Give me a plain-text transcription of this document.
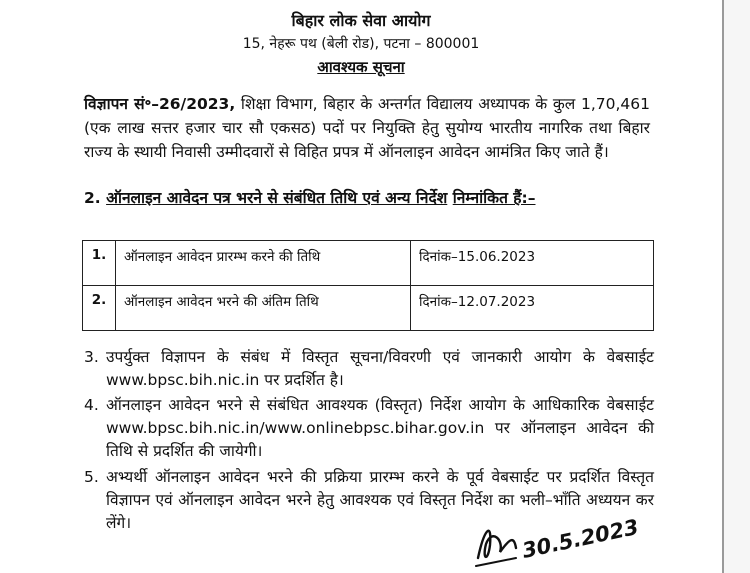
बिहार लोक सेवा आयोग
15, नेहरू पथ (बेली रोड), पटना – 800001
आवश्यक सूचना
विज्ञापन सं॰–26/2023, शिक्षा विभाग, बिहार के अन्तर्गत विद्यालय अध्यापक के कुल 1,70,461 (एक लाख सत्तर हजार चार सौ एकसठ) पदों पर नियुक्ति हेतु सुयोग्य भारतीय नागरिक तथा बिहार राज्य के स्थायी निवासी उम्मीदवारों से विहित प्रपत्र में ऑनलाइन आवेदन आमंत्रित किए जाते हैं।
2. ऑनलाइन आवेदन पत्र भरने से संबंधित तिथि एवं अन्य निर्देश निम्नांकित हैं:–
1.	ऑनलाइन आवेदन प्रारम्भ करने की तिथि	दिनांक–15.06.2023
2.	ऑनलाइन आवेदन भरने की अंतिम तिथि	दिनांक–12.07.2023
3. उपर्युक्त विज्ञापन के संबंध में विस्तृत सूचना/विवरणी एवं जानकारी आयोग के वेबसाईट www.bpsc.bih.nic.in पर प्रदर्शित है।
4. ऑनलाइन आवेदन भरने से संबंधित आवश्यक (विस्तृत) निर्देश आयोग के आधिकारिक वेबसाईट www.bpsc.bih.nic.in/www.onlinebpsc.bihar.gov.in पर ऑनलाइन आवेदन की तिथि से प्रदर्शित की जायेगी।
5. अभ्यर्थी ऑनलाइन आवेदन भरने की प्रक्रिया प्रारम्भ करने के पूर्व वेबसाईट पर प्रदर्शित विस्तृत विज्ञापन एवं ऑनलाइन आवेदन भरने हेतु आवश्यक एवं विस्तृत निर्देश का भली–भाँति अध्ययन कर लेंगे।	30.5.2023
